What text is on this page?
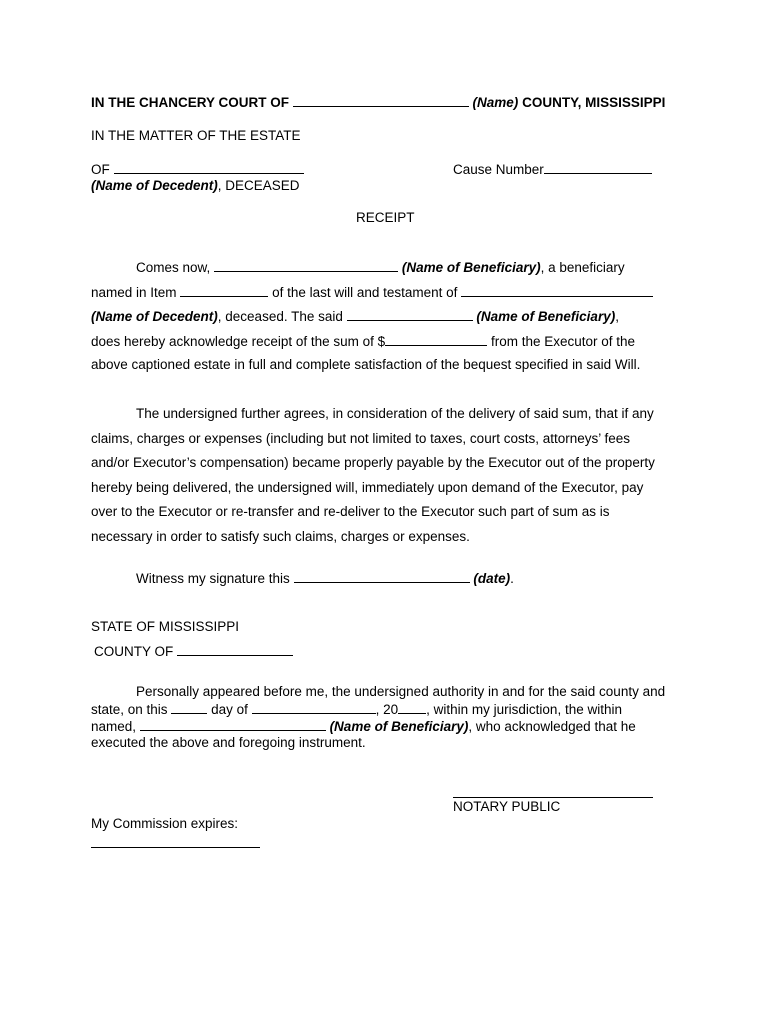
IN THE CHANCERY COURT OF	(Name) COUNTY, MISSISSIPPI
IN THE MATTER OF THE ESTATE
OF	Cause Number
(Name of Decedent), DECEASED
RECEIPT
Comes now,	(Name of Beneficiary), a beneficiary
named in Item	of the last will and testament of
(Name of Decedent), deceased. The said	(Name of Beneficiary),
does hereby acknowledge receipt of the sum of $	from the Executor of the
above captioned estate in full and complete satisfaction of the bequest specified in said Will.
The undersigned further agrees, in consideration of the delivery of said sum, that if any
claims, charges or expenses (including but not limited to taxes, court costs, attorneys’ fees
and/or Executor’s compensation) became properly payable by the Executor out of the property
hereby being delivered, the undersigned will, immediately upon demand of the Executor, pay
over to the Executor or re-transfer and re-deliver to the Executor such part of sum as is
necessary in order to satisfy such claims, charges or expenses.
Witness my signature this	(date).
STATE OF MISSISSIPPI
COUNTY OF
Personally appeared before me, the undersigned authority in and for the said county and
state, on this	day of	, 20 , within my jurisdiction, the within
named,	(Name of Beneficiary), who acknowledged that he
executed the above and foregoing instrument.
NOTARY PUBLIC
My Commission expires:
